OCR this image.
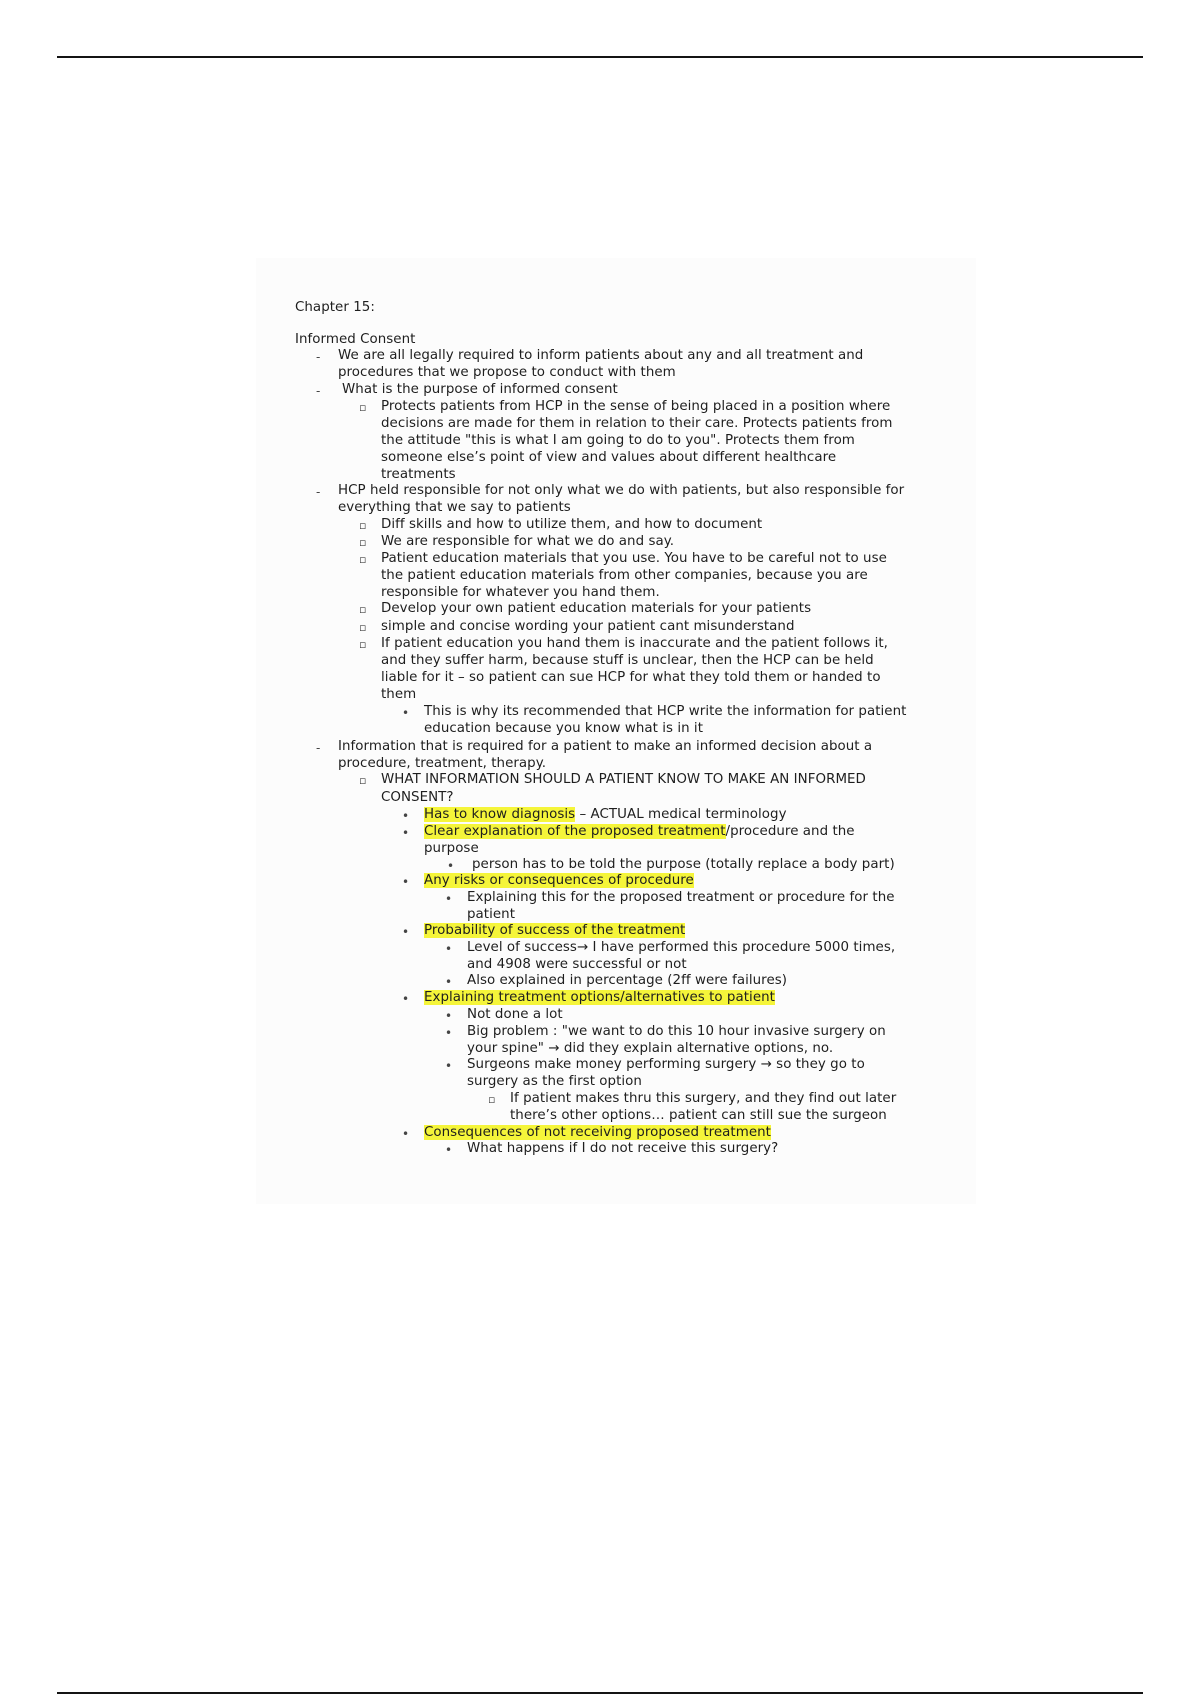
Chapter 15:
Informed Consent
-
-
-
-
▫
▫
▫
▫
▫
▫
▫
▫
•
•
•
•
•
•
•
•
•
•
•
•
•
•
•
▫
We are all legally required to inform patients about any and all treatment and
procedures that we propose to conduct with them
What is the purpose of informed consent
Protects patients from HCP in the sense of being placed in a position where
decisions are made for them in relation to their care. Protects patients from
the attitude "this is what I am going to do to you". Protects them from
someone else’s point of view and values about different healthcare
treatments
HCP held responsible for not only what we do with patients, but also responsible for
everything that we say to patients
Diff skills and how to utilize them, and how to document
We are responsible for what we do and say.
Patient education materials that you use. You have to be careful not to use
the patient education materials from other companies, because you are
responsible for whatever you hand them.
Develop your own patient education materials for your patients
simple and concise wording your patient cant misunderstand
If patient education you hand them is inaccurate and the patient follows it,
and they suffer harm, because stuff is unclear, then the HCP can be held
liable for it – so patient can sue HCP for what they told them or handed to
them
This is why its recommended that HCP write the information for patient
education because you know what is in it
Information that is required for a patient to make an informed decision about a
procedure, treatment, therapy.
WHAT INFORMATION SHOULD A PATIENT KNOW TO MAKE AN INFORMED
CONSENT?
Has to know diagnosis – ACTUAL medical terminology
Clear explanation of the proposed treatment/procedure and the
purpose
person has to be told the purpose (totally replace a body part)
Any risks or consequences of procedure
Explaining this for the proposed treatment or procedure for the
patient
Probability of success of the treatment
Level of success→ I have performed this procedure 5000 times,
and 4908 were successful or not
Also explained in percentage (2ff were failures)
Explaining treatment options/alternatives to patient
Not done a lot
Big problem : "we want to do this 10 hour invasive surgery on
your spine" → did they explain alternative options, no.
Surgeons make money performing surgery → so they go to
surgery as the first option
If patient makes thru this surgery, and they find out later
there’s other options… patient can still sue the surgeon
Consequences of not receiving proposed treatment
What happens if I do not receive this surgery?
